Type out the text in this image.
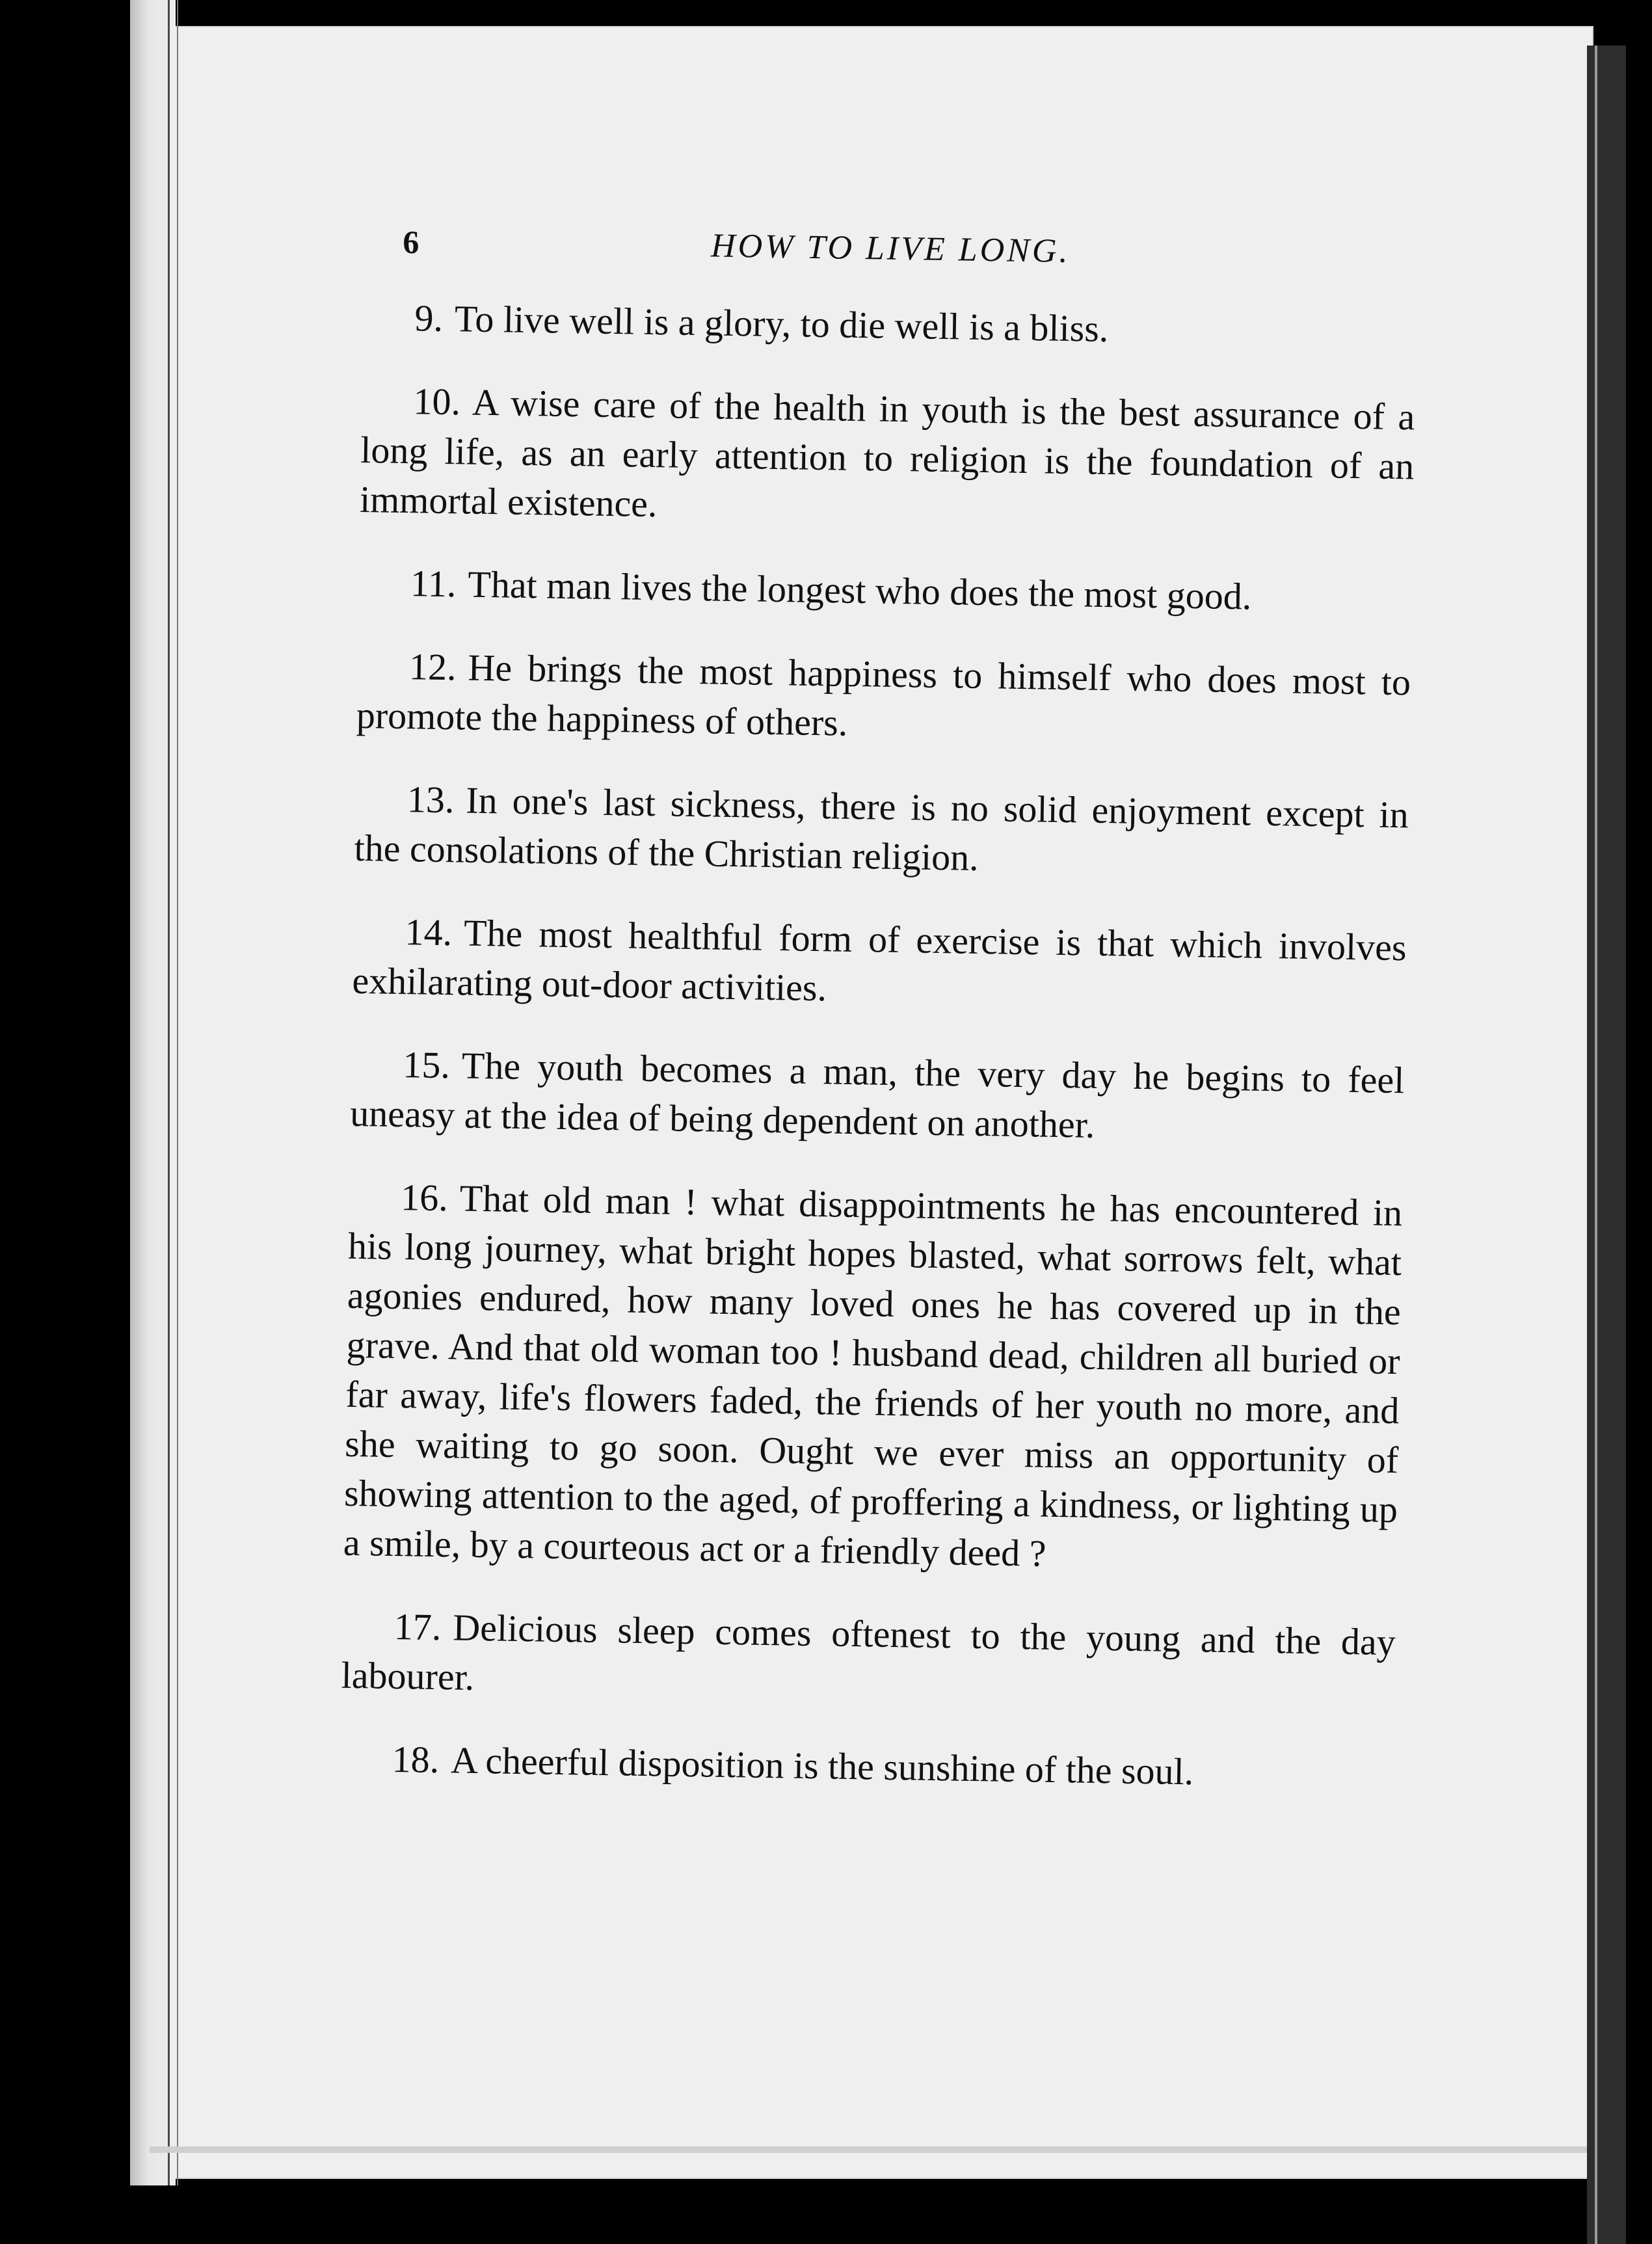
6	HOW TO LIVE LONG.

9. To live well is a glory, to die well is a bliss.

10. A wise care of the health in youth is the best assurance of a long life, as an early attention to religion is the foundation of an immortal existence.

11. That man lives the longest who does the most good.

12. He brings the most happiness to himself who does most to promote the happiness of others.

13. In one's last sickness, there is no solid enjoyment except in the consolations of the Christian religion.

14. The most healthful form of exercise is that which involves exhilarating out-door activities.

15. The youth becomes a man, the very day he begins to feel uneasy at the idea of being dependent on another.

16. That old man ! what disappointments he has encountered in his long journey, what bright hopes blasted, what sorrows felt, what agonies endured, how many loved ones he has covered up in the grave. And that old woman too ! husband dead, children all buried or far away, life's flowers faded, the friends of her youth no more, and she waiting to go soon. Ought we ever miss an opportunity of showing attention to the aged, of proffering a kindness, or lighting up a smile, by a courteous act or a friendly deed ?

17. Delicious sleep comes oftenest to the young and the day labourer.

18. A cheerful disposition is the sunshine of the soul.
